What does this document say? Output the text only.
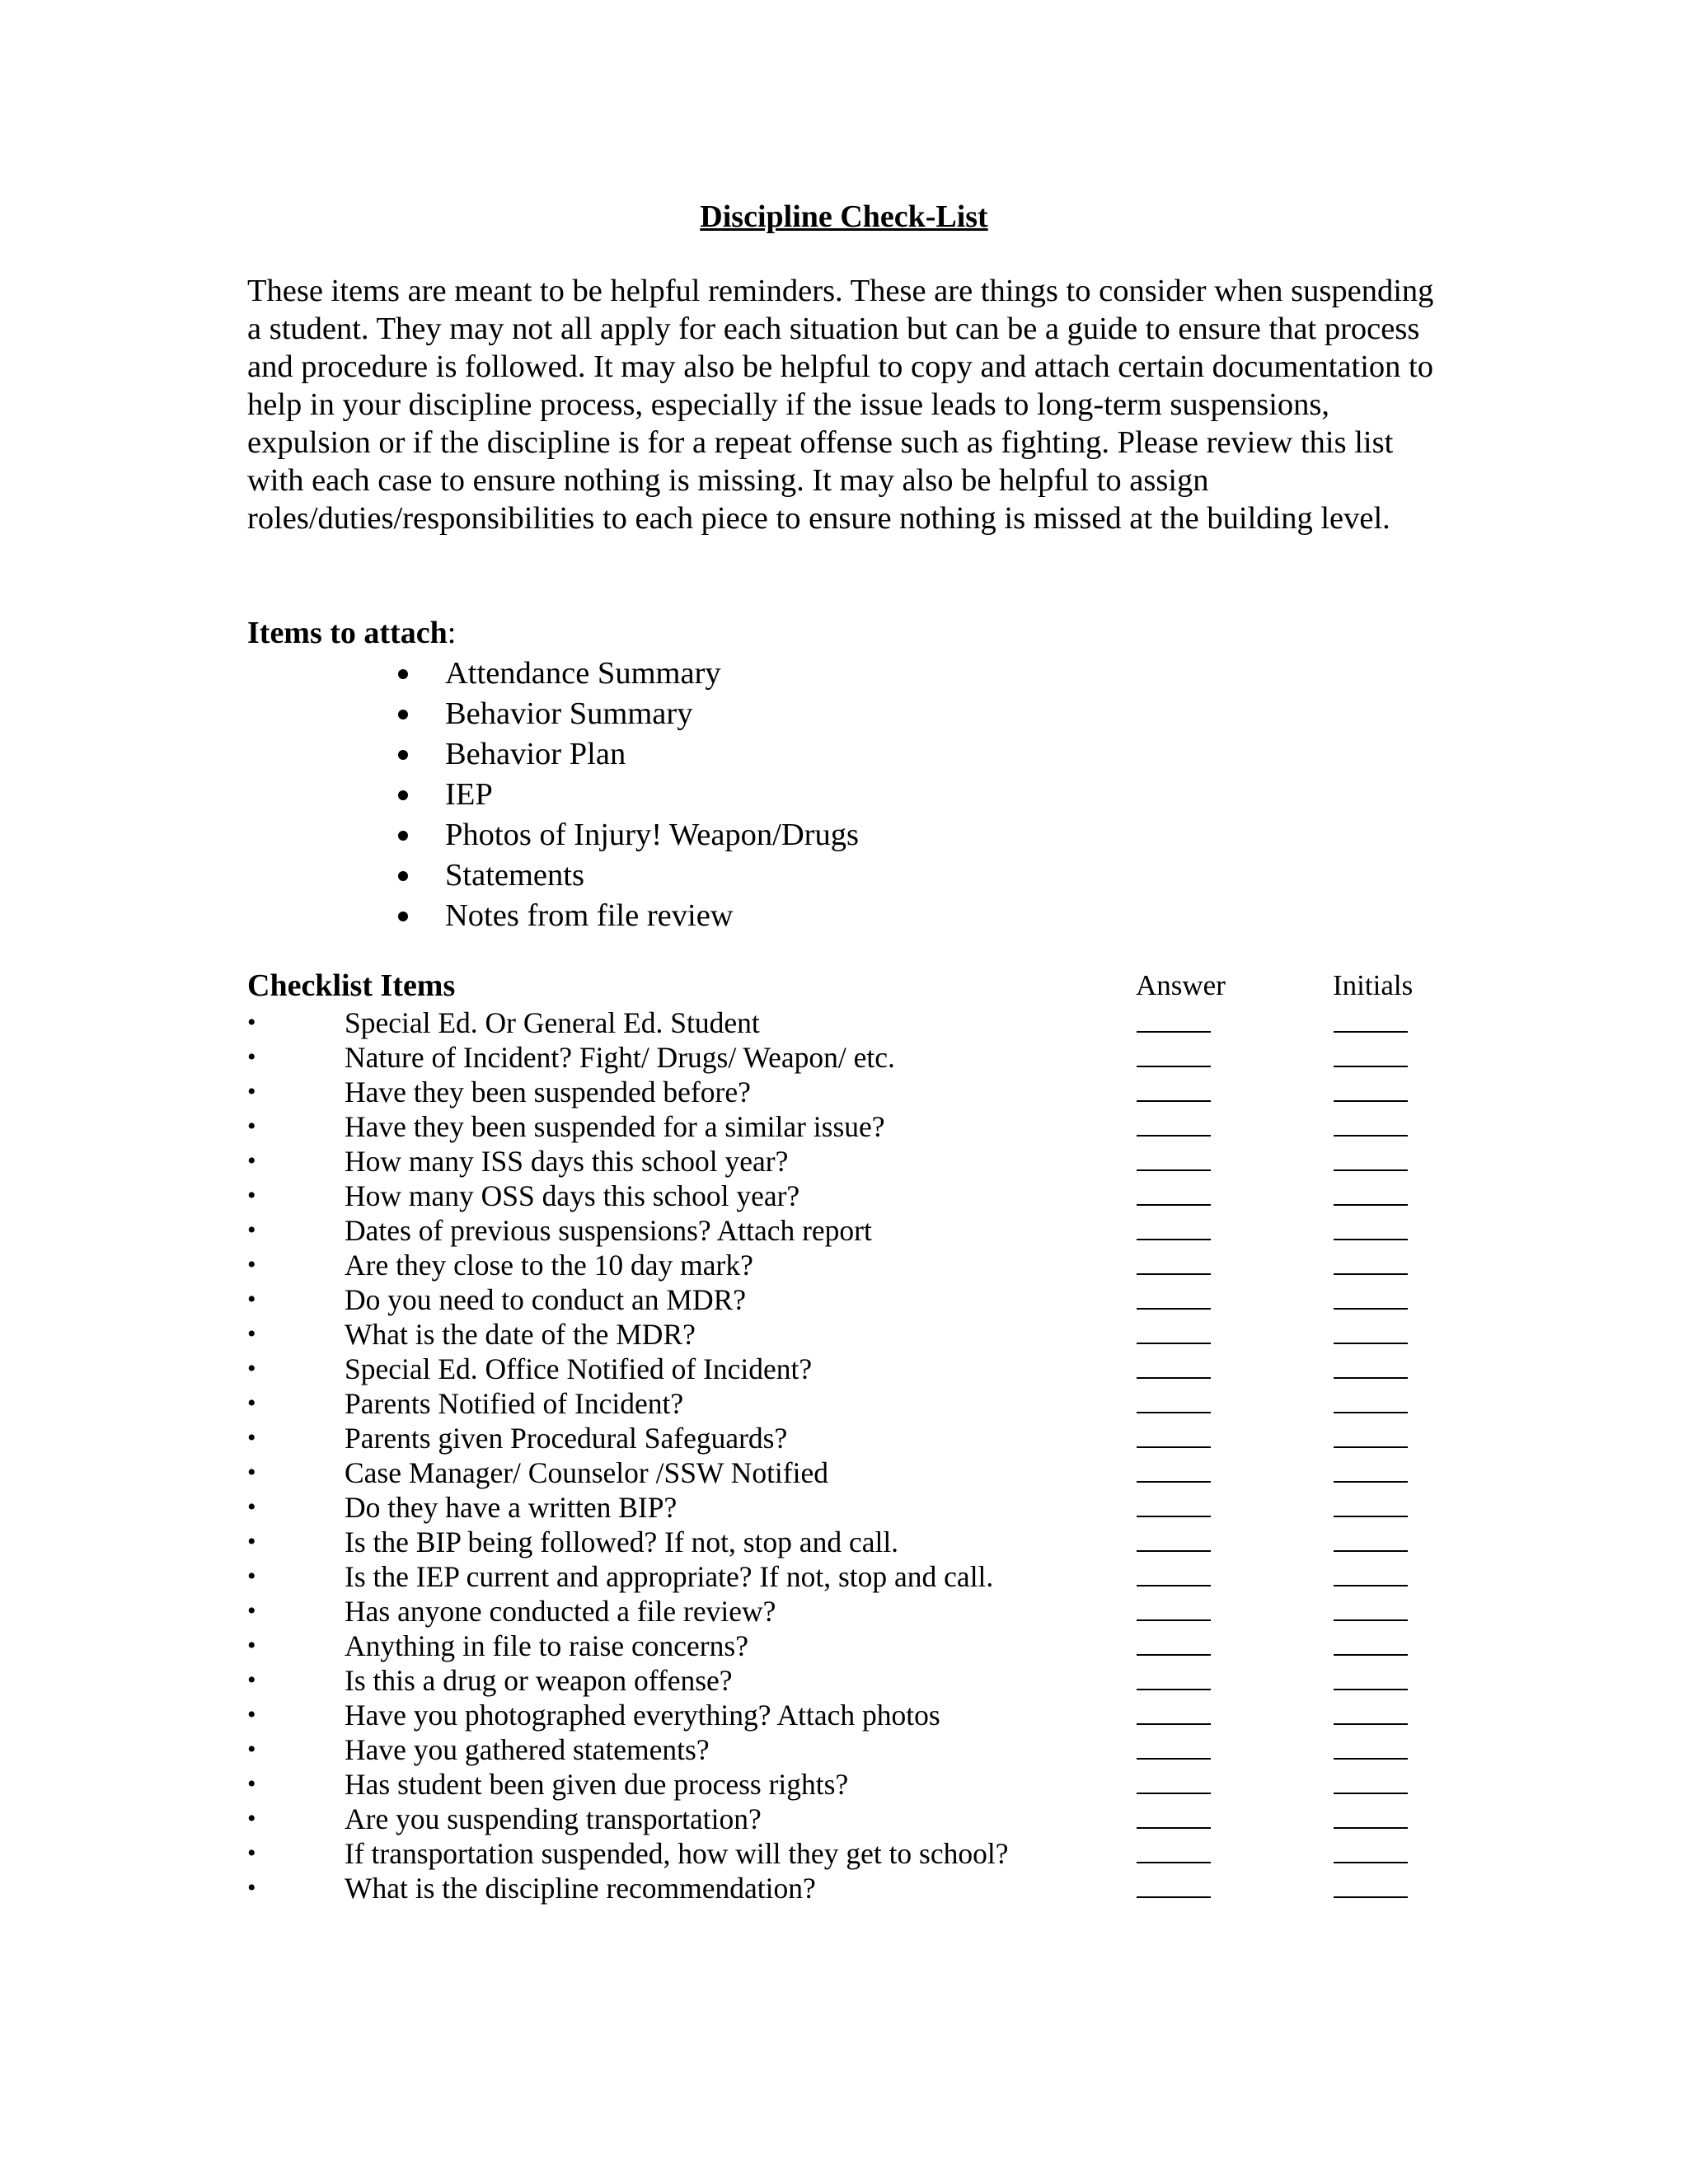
Discipline Check-List

These items are meant to be helpful reminders. These are things to consider when suspending a student. They may not all apply for each situation but can be a guide to ensure that process and procedure is followed. It may also be helpful to copy and attach certain documentation to help in your discipline process, especially if the issue leads to long-term suspensions, expulsion or if the discipline is for a repeat offense such as fighting. Please review this list with each case to ensure nothing is missing. It may also be helpful to assign roles/duties/responsibilities to each piece to ensure nothing is missed at the building level.

Items to attach:
Attendance Summary
Behavior Summary
Behavior Plan
IEP
Photos of Injury! Weapon/Drugs
Statements
Notes from file review
Checklist Items	Answer	Initials
•	Special Ed. Or General Ed. Student
•	Nature of Incident? Fight/ Drugs/ Weapon/ etc.
•	Have they been suspended before?
•	Have they been suspended for a similar issue?
•	How many ISS days this school year?
•	How many OSS days this school year?
•	Dates of previous suspensions? Attach report
•	Are they close to the 10 day mark?
•	Do you need to conduct an MDR?
•	What is the date of the MDR?
•	Special Ed. Office Notified of Incident?
•	Parents Notified of Incident?
•	Parents given Procedural Safeguards?
•	Case Manager/ Counselor /SSW Notified
•	Do they have a written BIP?
•	Is the BIP being followed? If not, stop and call.
•	Is the IEP current and appropriate? If not, stop and call.
•	Has anyone conducted a file review?
•	Anything in file to raise concerns?
•	Is this a drug or weapon offense?
•	Have you photographed everything? Attach photos
•	Have you gathered statements?
•	Has student been given due process rights?
•	Are you suspending transportation?
•	If transportation suspended, how will they get to school?
•	What is the discipline recommendation?
